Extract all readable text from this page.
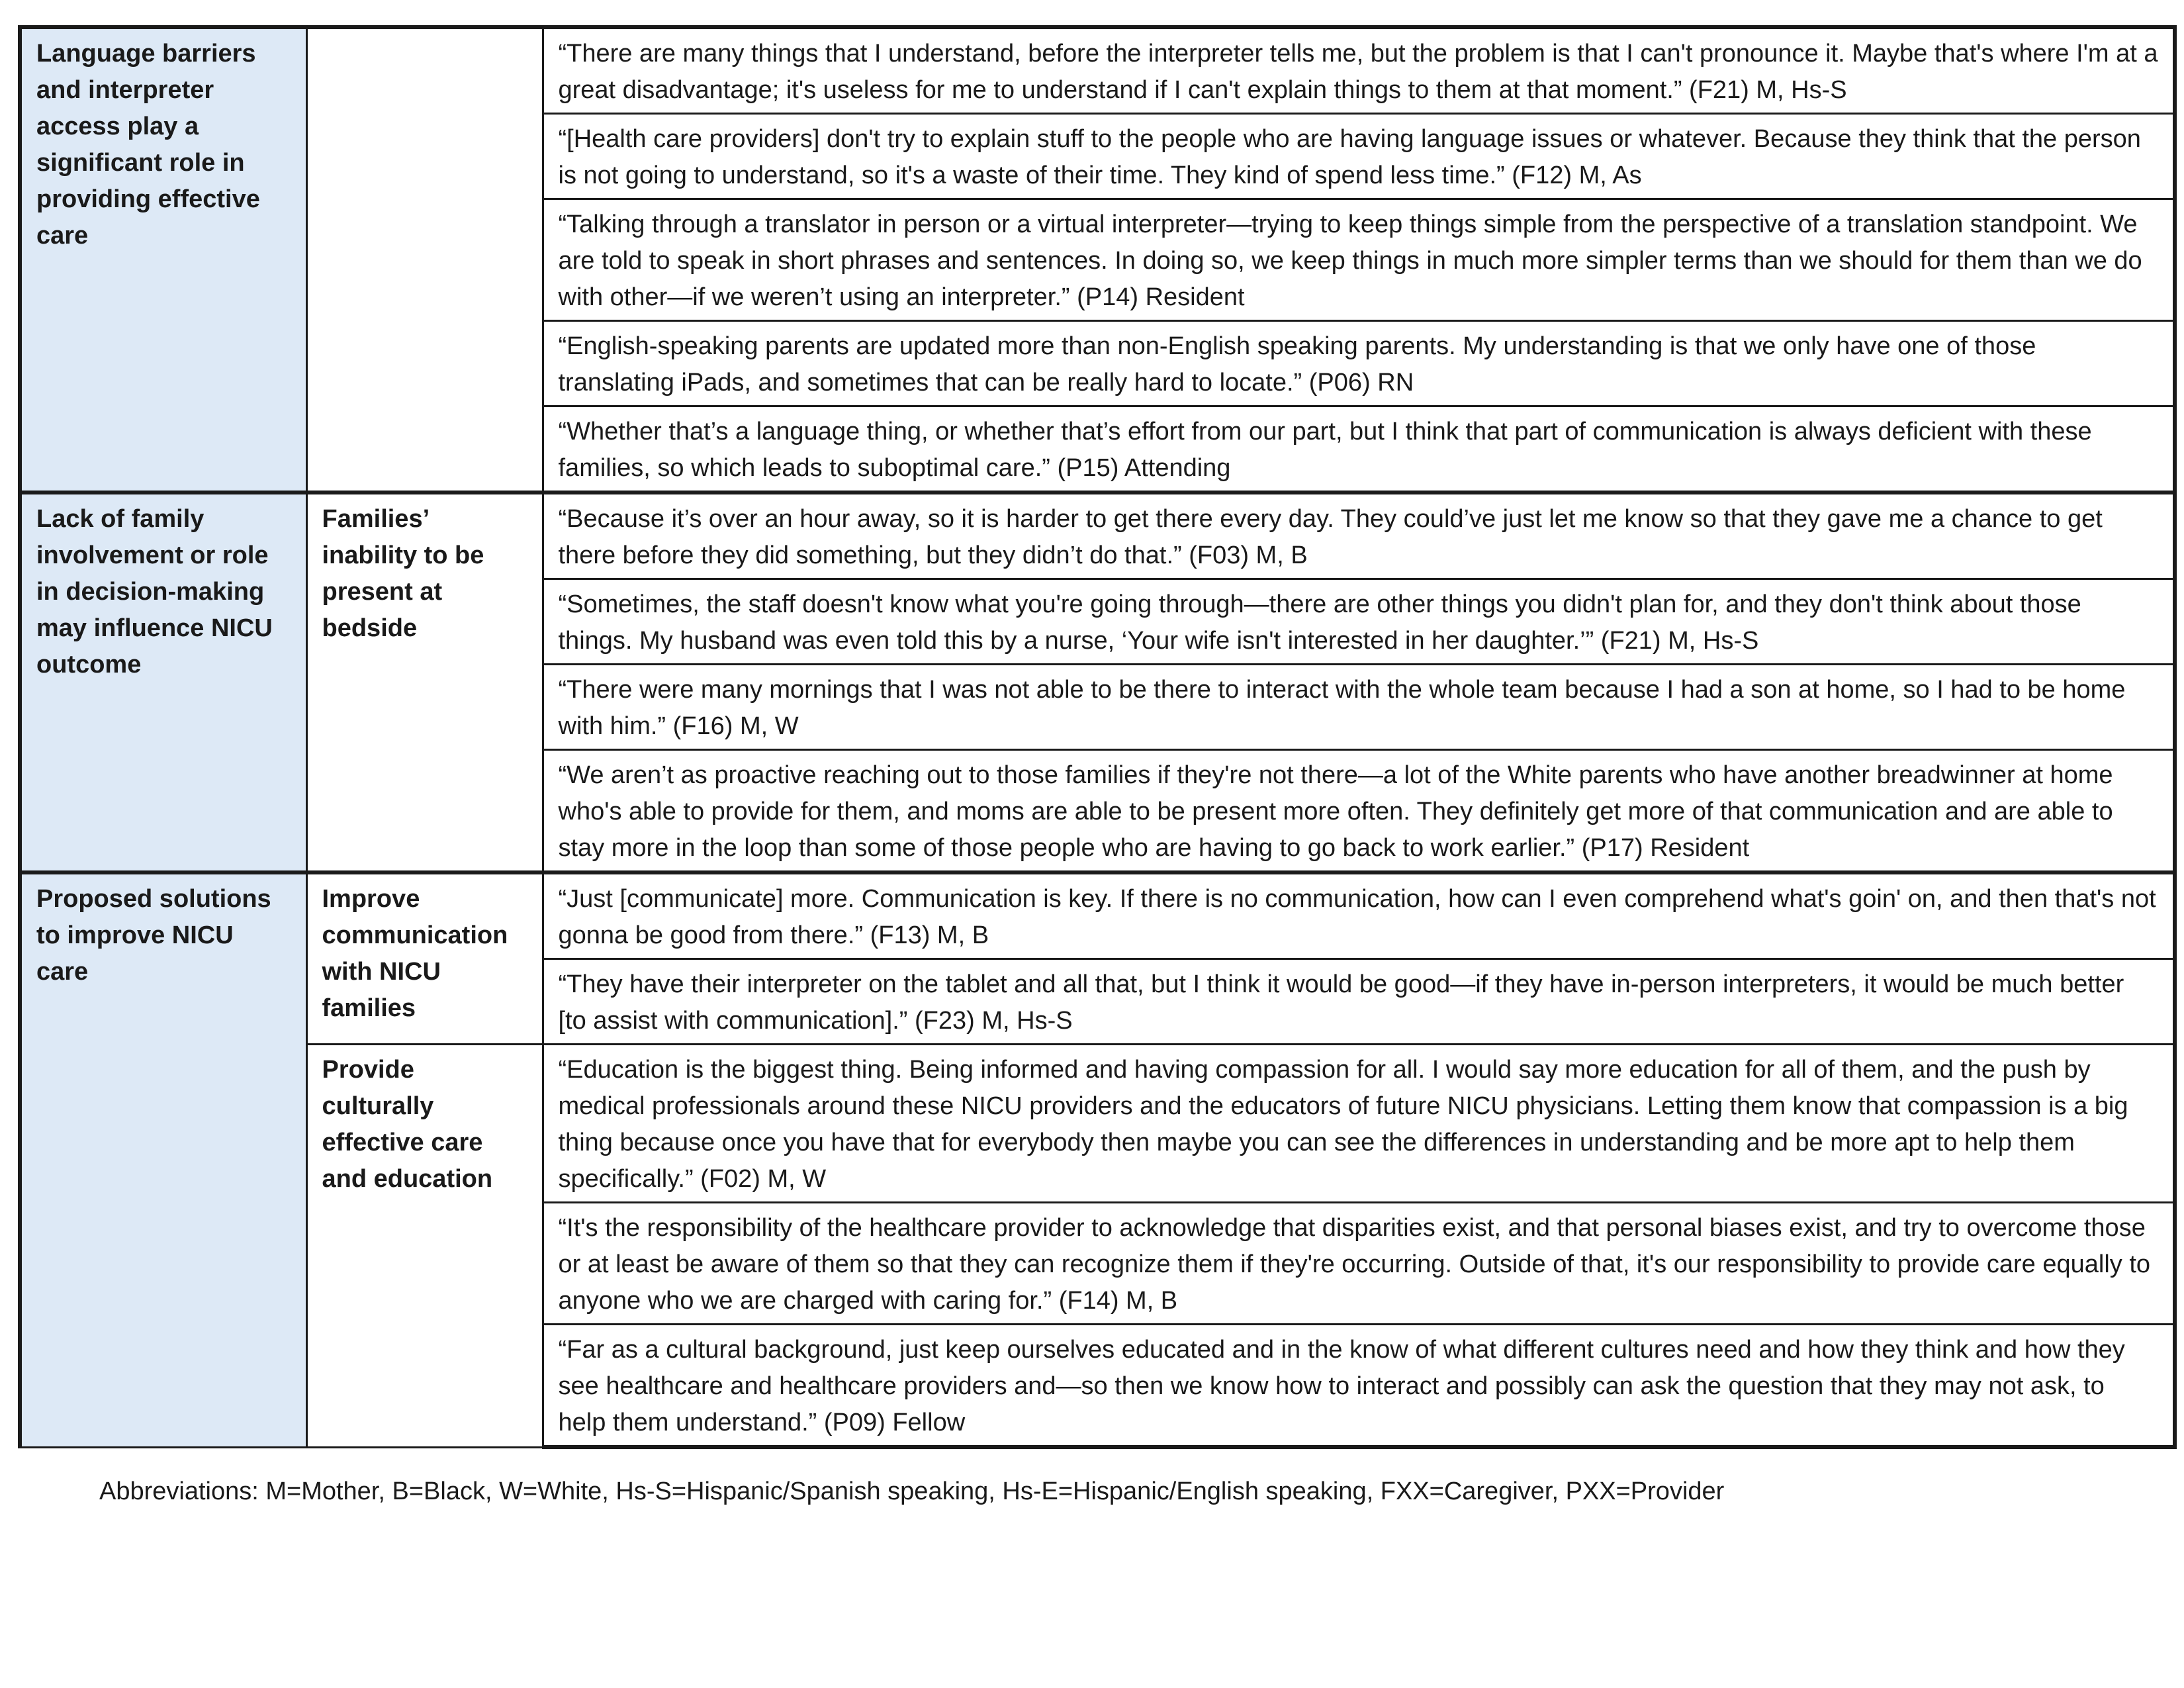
Language barriers and interpreter access play a significant role in providing effective care		“There are many things that I understand, before the interpreter tells me, but the problem is that I can't pronounce it. Maybe that's where I'm at a great disadvantage; it's useless for me to understand if I can't explain things to them at that moment.” (F21) M, Hs-S
		“[Health care providers] don't try to explain stuff to the people who are having language issues or whatever. Because they think that the person is not going to understand, so it's a waste of their time. They kind of spend less time.” (F12) M, As
		“Talking through a translator in person or a virtual interpreter—trying to keep things simple from the perspective of a translation standpoint. We are told to speak in short phrases and sentences. In doing so, we keep things in much more simpler terms than we should for them than we do with other—if we weren’t using an interpreter.” (P14) Resident
		“English-speaking parents are updated more than non-English speaking parents. My understanding is that we only have one of those translating iPads, and sometimes that can be really hard to locate.” (P06) RN
		“Whether that’s a language thing, or whether that’s effort from our part, but I think that part of communication is always deficient with these families, so which leads to suboptimal care.” (P15) Attending
Lack of family involvement or role in decision-making may influence NICU outcome	Families’ inability to be present at bedside	“Because it’s over an hour away, so it is harder to get there every day. They could’ve just let me know so that they gave me a chance to get there before they did something, but they didn’t do that.” (F03) M, B
		“Sometimes, the staff doesn't know what you're going through—there are other things you didn't plan for, and they don't think about those things. My husband was even told this by a nurse, ‘Your wife isn't interested in her daughter.’” (F21) M, Hs-S
		“There were many mornings that I was not able to be there to interact with the whole team because I had a son at home, so I had to be home with him.” (F16) M, W
		“We aren’t as proactive reaching out to those families if they're not there—a lot of the White parents who have another breadwinner at home who's able to provide for them, and moms are able to be present more often. They definitely get more of that communication and are able to stay more in the loop than some of those people who are having to go back to work earlier.” (P17) Resident
Proposed solutions to improve NICU care	Improve communication with NICU families	“Just [communicate] more. Communication is key. If there is no communication, how can I even comprehend what's goin' on, and then that's not gonna be good from there.” (F13) M, B
		“They have their interpreter on the tablet and all that, but I think it would be good—if they have in-person interpreters, it would be much better [to assist with communication].” (F23) M, Hs-S
	Provide culturally effective care and education	“Education is the biggest thing. Being informed and having compassion for all. I would say more education for all of them, and the push by medical professionals around these NICU providers and the educators of future NICU physicians. Letting them know that compassion is a big thing because once you have that for everybody then maybe you can see the differences in understanding and be more apt to help them specifically.” (F02) M, W
		“It's the responsibility of the healthcare provider to acknowledge that disparities exist, and that personal biases exist, and try to overcome those or at least be aware of them so that they can recognize them if they're occurring. Outside of that, it's our responsibility to provide care equally to anyone who we are charged with caring for.” (F14) M, B
		“Far as a cultural background, just keep ourselves educated and in the know of what different cultures need and how they think and how they see healthcare and healthcare providers and—so then we know how to interact and possibly can ask the question that they may not ask, to help them understand.” (P09) Fellow
Abbreviations: M=Mother, B=Black, W=White, Hs-S=Hispanic/Spanish speaking, Hs-E=Hispanic/English speaking, FXX=Caregiver, PXX=Provider
